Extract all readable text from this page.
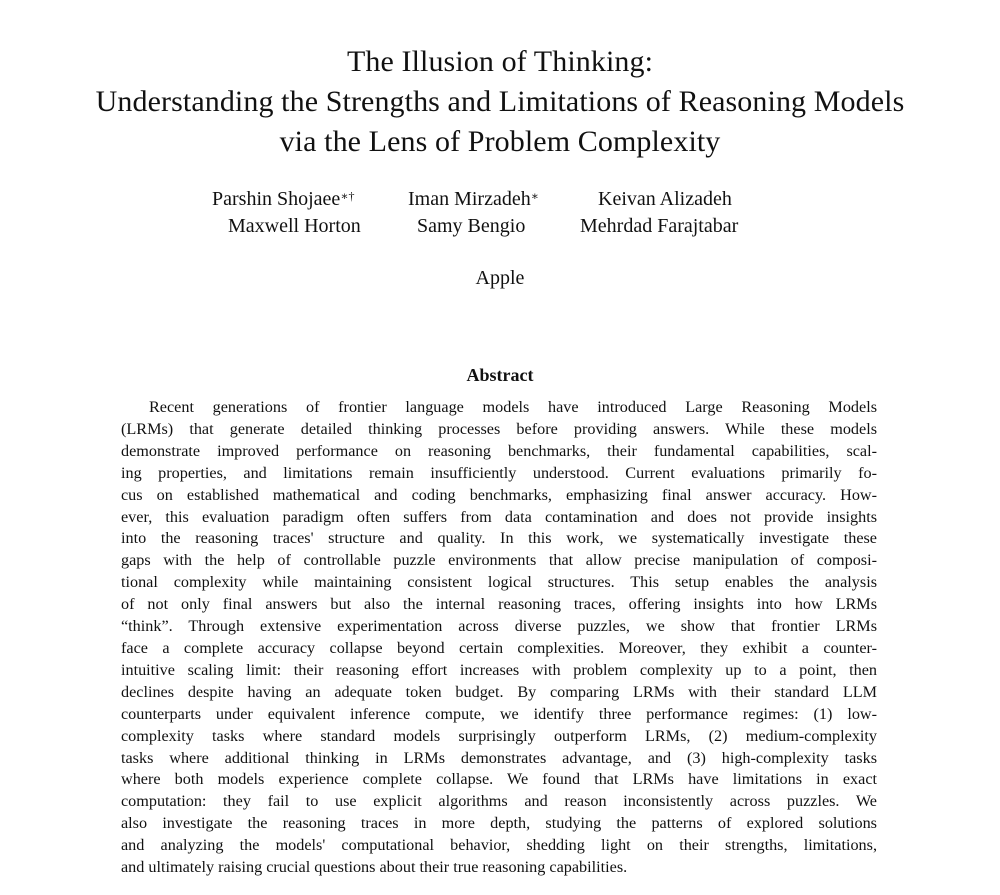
The Illusion of Thinking:
Understanding the Strengths and Limitations of Reasoning Models
via the Lens of Problem Complexity
Parshin Shojaee∗†	Iman Mirzadeh∗	Keivan Alizadeh
Maxwell Horton	Samy Bengio	Mehrdad Farajtabar
Apple
Abstract
Recent generations of frontier language models have introduced Large Reasoning Models
(LRMs) that generate detailed thinking processes before providing answers. While these models
demonstrate improved performance on reasoning benchmarks, their fundamental capabilities, scal-
ing properties, and limitations remain insufficiently understood. Current evaluations primarily fo-
cus on established mathematical and coding benchmarks, emphasizing final answer accuracy. How-
ever, this evaluation paradigm often suffers from data contamination and does not provide insights
into the reasoning traces' structure and quality. In this work, we systematically investigate these
gaps with the help of controllable puzzle environments that allow precise manipulation of composi-
tional complexity while maintaining consistent logical structures. This setup enables the analysis
of not only final answers but also the internal reasoning traces, offering insights into how LRMs
“think”. Through extensive experimentation across diverse puzzles, we show that frontier LRMs
face a complete accuracy collapse beyond certain complexities. Moreover, they exhibit a counter-
intuitive scaling limit: their reasoning effort increases with problem complexity up to a point, then
declines despite having an adequate token budget. By comparing LRMs with their standard LLM
counterparts under equivalent inference compute, we identify three performance regimes: (1) low-
complexity tasks where standard models surprisingly outperform LRMs, (2) medium-complexity
tasks where additional thinking in LRMs demonstrates advantage, and (3) high-complexity tasks
where both models experience complete collapse. We found that LRMs have limitations in exact
computation: they fail to use explicit algorithms and reason inconsistently across puzzles. We
also investigate the reasoning traces in more depth, studying the patterns of explored solutions
and analyzing the models' computational behavior, shedding light on their strengths, limitations,
and ultimately raising crucial questions about their true reasoning capabilities.
